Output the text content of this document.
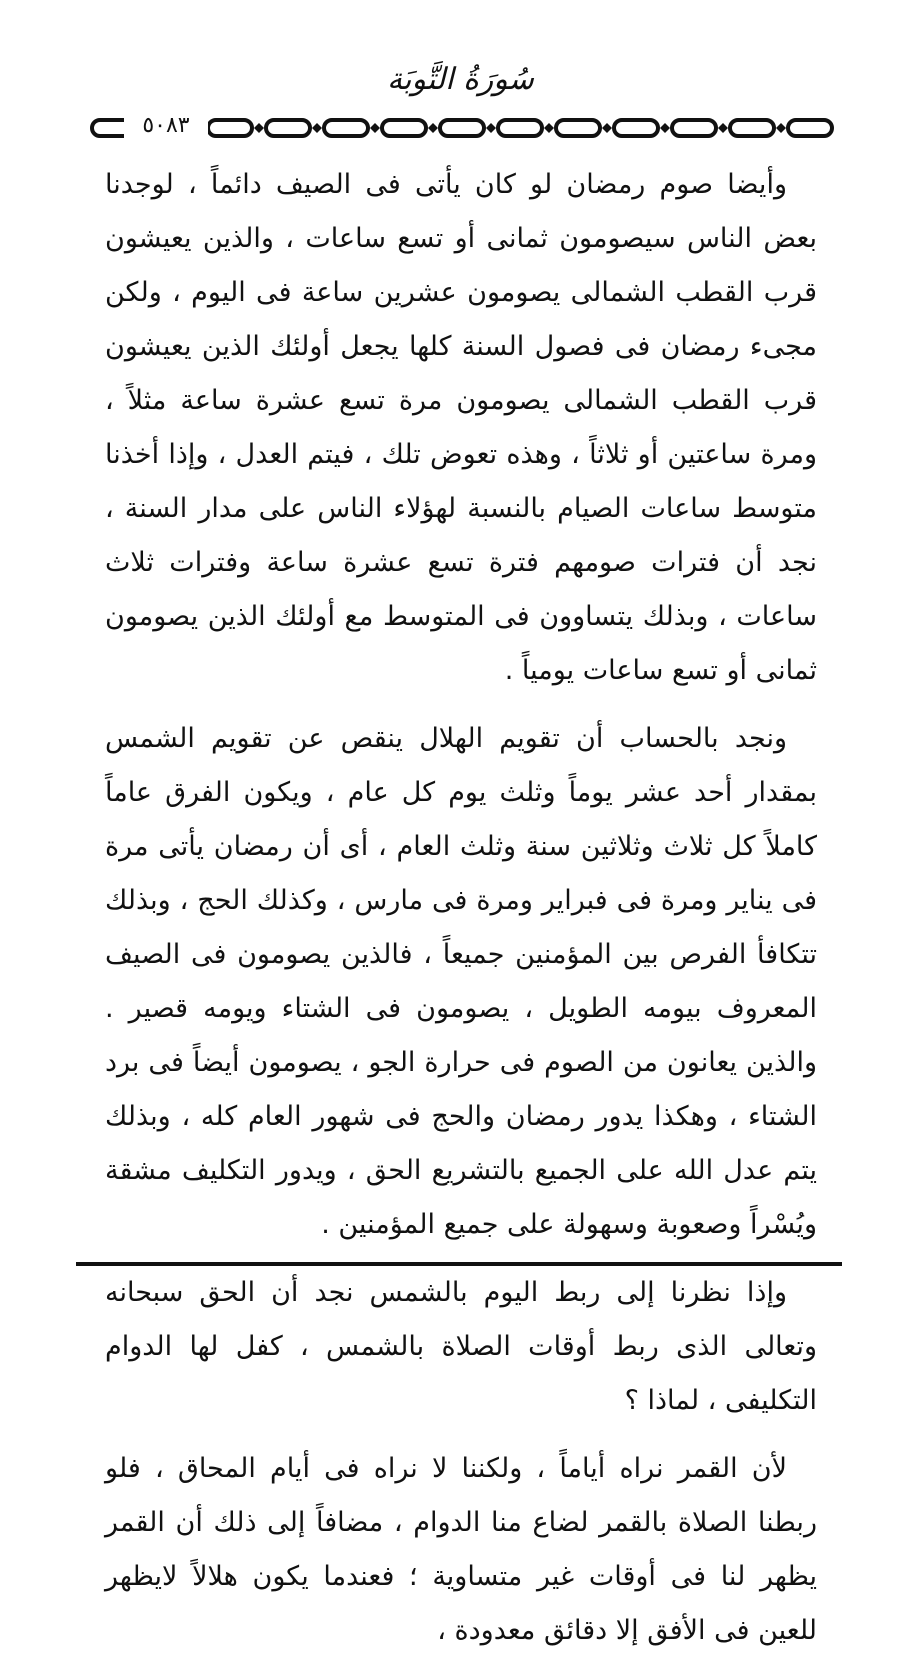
سُورَةُ التَّوبَة
٥٠٨٣

وأيضا صوم رمضان لو كان يأتى فى الصيف دائماً ، لوجدنا بعض الناس سيصومون ثمانى أو تسع ساعات ، والذين يعيشون قرب القطب الشمالى يصومون عشرين ساعة فى اليوم ، ولكن مجىء رمضان فى فصول السنة كلها يجعل أولئك الذين يعيشون قرب القطب الشمالى يصومون مرة تسع عشرة ساعة مثلاً ، ومرة ساعتين أو ثلاثاً ، وهذه تعوض تلك ، فيتم العدل ، وإذا أخذنا متوسط ساعات الصيام بالنسبة لهؤلاء الناس على مدار السنة ، نجد أن فترات صومهم فترة تسع عشرة ساعة وفترات ثلاث ساعات ، وبذلك يتساوون فى المتوسط مع أولئك الذين يصومون ثمانى أو تسع ساعات يومياً .

ونجد بالحساب أن تقويم الهلال ينقص عن تقويم الشمس بمقدار أحد عشر يوماً وثلث يوم كل عام ، ويكون الفرق عاماً كاملاً كل ثلاث وثلاثين سنة وثلث العام ، أى أن رمضان يأتى مرة فى يناير ومرة فى فبراير ومرة فى مارس ، وكذلك الحج ، وبذلك تتكافأ الفرص بين المؤمنين جميعاً ، فالذين يصومون فى الصيف المعروف بيومه الطويل ، يصومون فى الشتاء ويومه قصير . والذين يعانون من الصوم فى حرارة الجو ، يصومون أيضاً فى برد الشتاء ، وهكذا يدور رمضان والحج فى شهور العام كله ، وبذلك يتم عدل الله على الجميع بالتشريع الحق ، ويدور التكليف مشقة ويُسْراً وصعوبة وسهولة على جميع المؤمنين .

وإذا نظرنا إلى ربط اليوم بالشمس نجد أن الحق سبحانه وتعالى الذى ربط أوقات الصلاة بالشمس ، كفل لها الدوام التكليفى ، لماذا ؟

لأن القمر نراه أياماً ، ولكننا لا نراه فى أيام المحاق ، فلو ربطنا الصلاة بالقمر لضاع منا الدوام ، مضافاً إلى ذلك أن القمر يظهر لنا فى أوقات غير متساوية ؛ فعندما يكون هلالاً لايظهر للعين فى الأفق إلا دقائق معدودة ،
